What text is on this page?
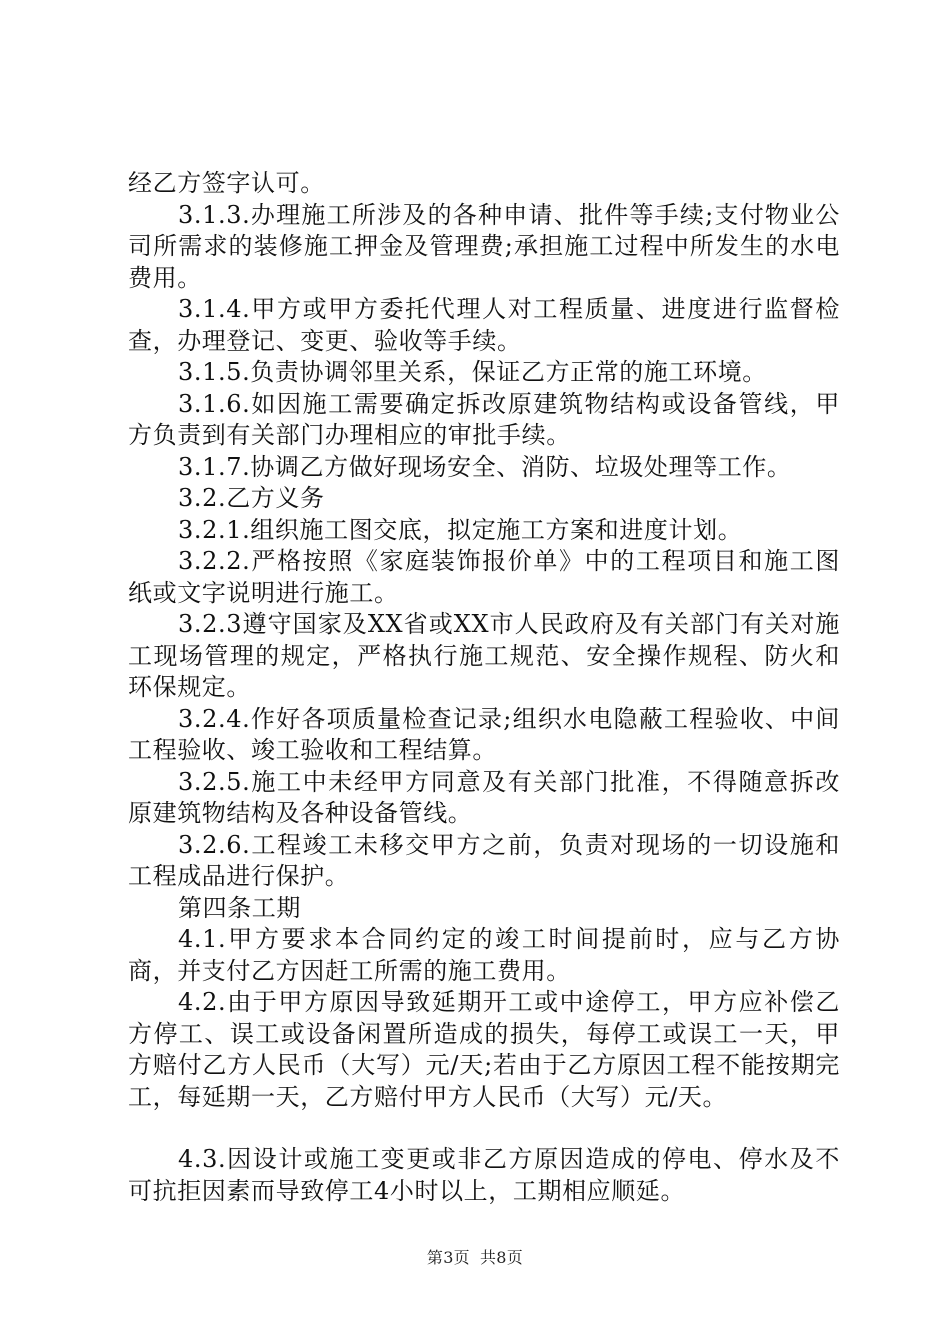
经乙方签字认可。

3.1.3.办理施工所涉及的各种申请、批件等手续;支付物业公司所需求的装修施工押金及管理费;承担施工过程中所发生的水电费用。

3.1.4.甲方或甲方委托代理人对工程质量、进度进行监督检查，办理登记、变更、验收等手续。

3.1.5.负责协调邻里关系，保证乙方正常的施工环境。

3.1.6.如因施工需要确定拆改原建筑物结构或设备管线，甲方负责到有关部门办理相应的审批手续。

3.1.7.协调乙方做好现场安全、消防、垃圾处理等工作。

3.2.乙方义务

3.2.1.组织施工图交底，拟定施工方案和进度计划。

3.2.2.严格按照《家庭装饰报价单》中的工程项目和施工图纸或文字说明进行施工。

3.2.3遵守国家及XX省或XX市人民政府及有关部门有关对施工现场管理的规定，严格执行施工规范、安全操作规程、防火和环保规定。

3.2.4.作好各项质量检查记录;组织水电隐蔽工程验收、中间工程验收、竣工验收和工程结算。

3.2.5.施工中未经甲方同意及有关部门批准，不得随意拆改原建筑物结构及各种设备管线。

3.2.6.工程竣工未移交甲方之前，负责对现场的一切设施和工程成品进行保护。

第四条工期

4.1.甲方要求本合同约定的竣工时间提前时，应与乙方协商，并支付乙方因赶工所需的施工费用。

4.2.由于甲方原因导致延期开工或中途停工，甲方应补偿乙方停工、误工或设备闲置所造成的损失，每停工或误工一天，甲方赔付乙方人民币（大写）元/天;若由于乙方原因工程不能按期完工，每延期一天，乙方赔付甲方人民币（大写）元/天。

4.3.因设计或施工变更或非乙方原因造成的停电、停水及不可抗拒因素而导致停工4小时以上，工期相应顺延。

第3页 共8页
